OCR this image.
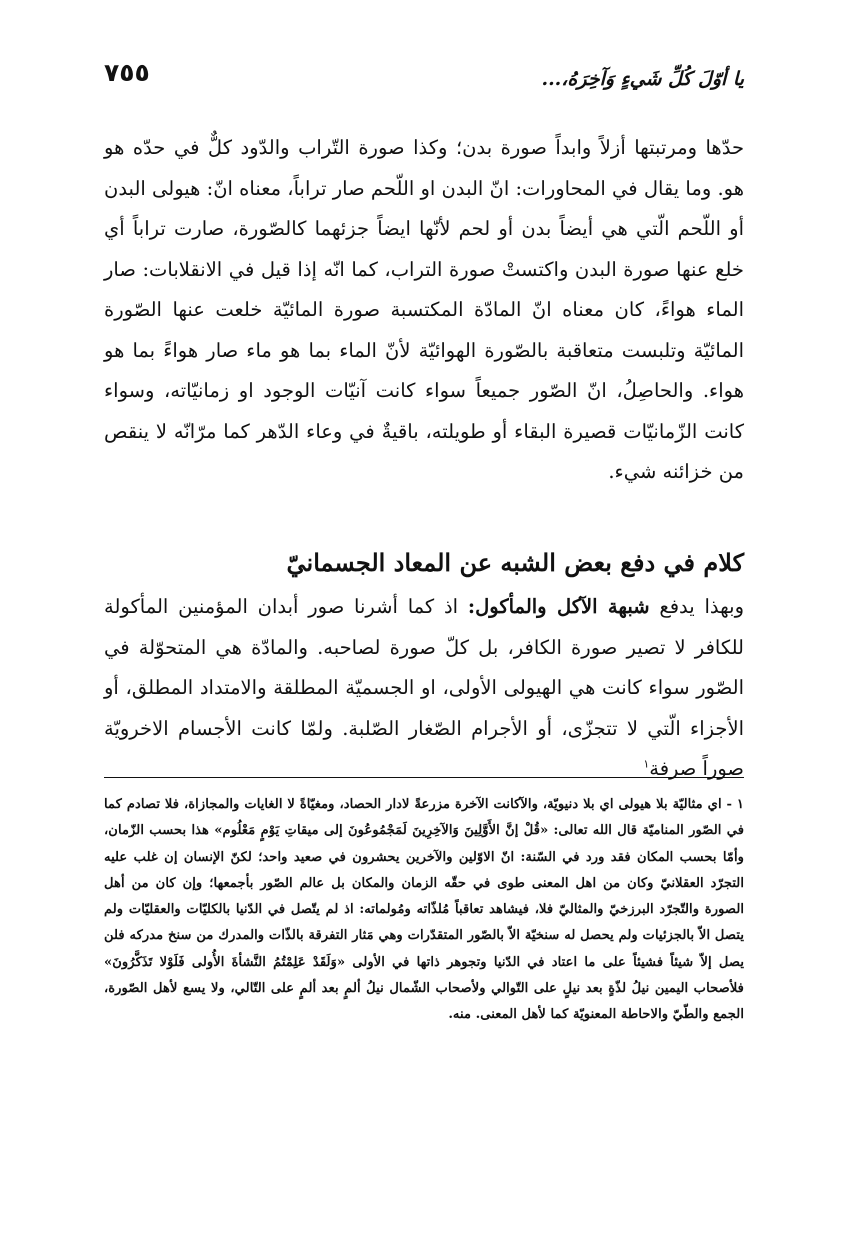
يا أوّلَ كُلِّ شَيءٍ وَآخِرَهُ،...
٧٥٥

حدّها ومرتبتها أزلاً وابداً صورة بدن؛ وكذا صورة التّراب والدّود كلٌّ في حدّه هو هو. وما يقال في المحاورات: انّ البدن او اللّحم صار تراباً، معناه انّ: هيولى البدن أو اللّحم الّتي هي أيضاً بدن أو لحم لأنّها ايضاً جزئهما كالصّورة، صارت تراباً أي خلع عنها صورة البدن واكتستْ صورة التراب، كما انّه إذا قيل في الانقلابات: صار الماء هواءً، كان معناه انّ المادّة المكتسبة صورة المائيّة خلعت عنها الصّورة المائيّة وتلبست متعاقبة بالصّورة الهوائيّة لأنّ الماء بما هو ماء صار هواءً بما هو هواء. والحاصِلُ، انّ الصّور جميعاً سواء كانت آنيّات الوجود او زمانيّاته، وسواء كانت الزّمانيّات قصيرة البقاء أو طويلته، باقيةٌ في وعاء الدّهر كما مرّانّه لا ينقص من خزائنه شيء.

كلام في دفع بعض الشبه عن المعاد الجسمانيّ

وبهذا يدفع شبهة الآكل والمأكول: اذ كما أشرنا صور أبدان المؤمنين المأكولة للكافر لا تصير صورة الكافر، بل كلّ صورة لصاحبه. والمادّة هي المتحوّلة في الصّور سواء كانت هي الهيولى الأولى، او الجسميّة المطلقة والامتداد المطلق، أو الأجزاء الّتي لا تتجزّى، أو الأجرام الصّغار الصّلبة. ولمّا كانت الأجسام الاخرويّة صوراً صرفة$^١$

١ - اي مثاليّة بلا هيولى اي بلا دنيويّة، والآكانت الآخرة مزرعةً لادار الحصاد، ومغيّاةً لا الغايات والمجازاة، فلا تصادم كما في الصّور المناميّة قال الله تعالى: «قُلْ إنَّ الأَوَّلِينَ وَالآخِرِينَ لَمَجْمُوعُونَ إلى ميقاتِ يَوْمٍ مَعْلُوم» هذا بحسب الزّمان، وأمّا بحسب المكان فقد ورد في السّنة: انّ الاوّلين والآخرين يحشرون في صعيد واحد؛ لكنّ الإنسان إن غلب عليه التجرّد العقلانيّ وكان من اهل المعنى طوى في حقّه الزمان والمكان بل عالم الصّور بأجمعها؛ وإن كان من أهل الصورة والتّجرّد البرزخيّ والمثاليّ فلا، فيشاهد تعاقباً مُلذّاته ومُولماته: اذ لم يتّصل في الدّنيا بالكليّات والعقليّات ولم يتصل الاّ بالجزئيات ولم يحصل له سنخيّة الاّ بالصّور المتقدّرات وهي مَثار التفرقة بالذّات والمدرك من سنخ مدركه فلن يصل إلاّ شيئاً فشيئاً على ما اعتاد في الدّنيا وتجوهر ذاتها في الأولى «وَلَقَدْ عَلِمْتُمُ النَّشأةَ الأُولى فَلَوْلا تَذَكَّرُونَ» فلأصحاب اليمين نيلُ لذّةٍ بعد نيلٍ على التّوالي ولأصحاب الشّمال نيلُ ألمٍ بعد ألمٍ على التّالي، ولا يسع لأهل الصّورة، الجمع والطّيّ والاحاطة المعنويّة كما لأهل المعنى. منه.
